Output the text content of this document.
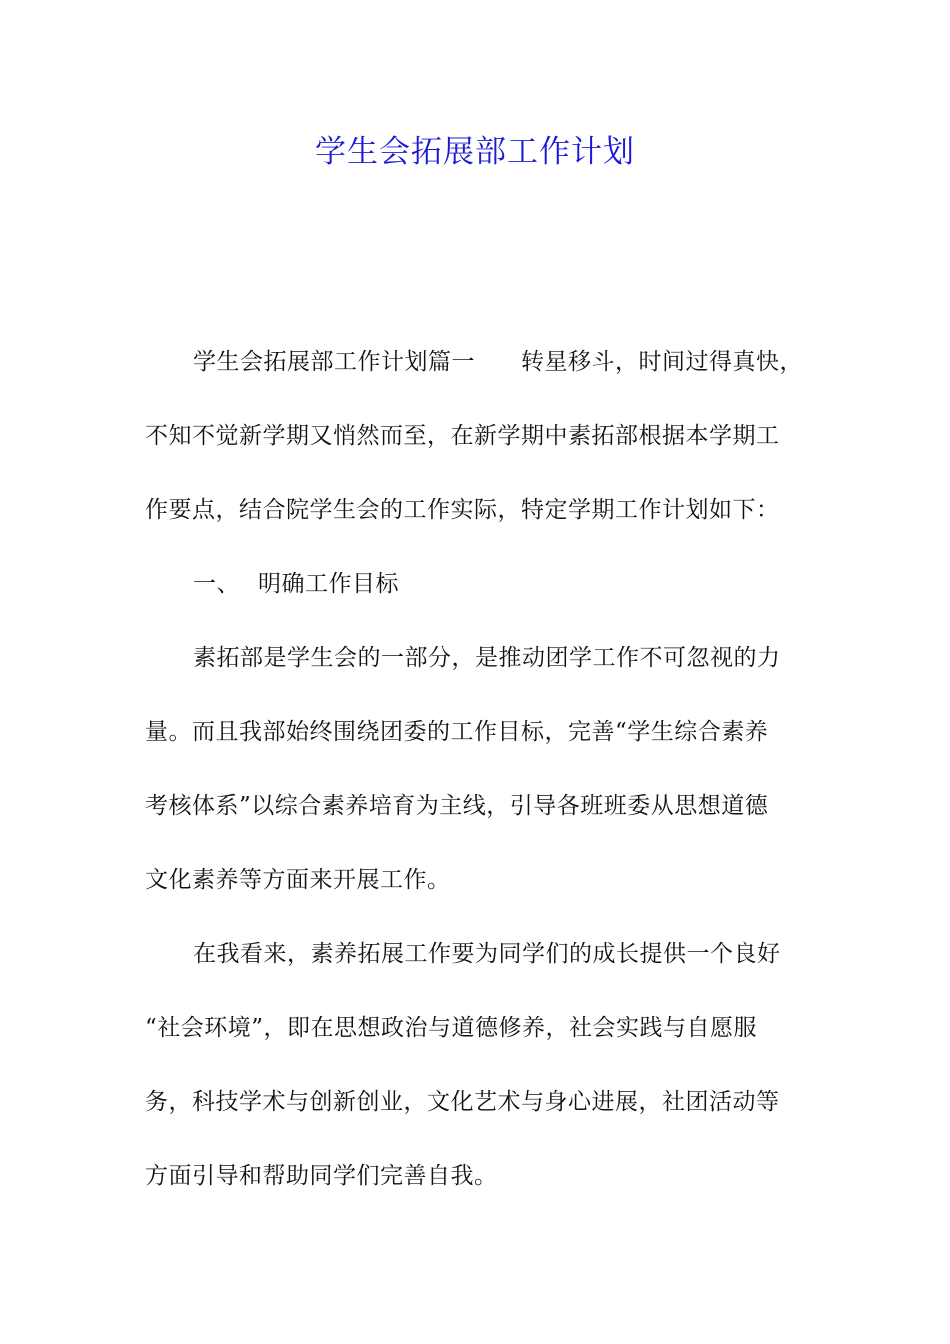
学生会拓展部工作计划
学生会拓展部工作计划篇一 转星移斗，时间过得真快，
不知不觉新学期又悄然而至，在新学期中素拓部根据本学期工
作要点，结合院学生会的工作实际，特定学期工作计划如下：
一、 明确工作目标
素拓部是学生会的一部分，是推动团学工作不可忽视的力
量。而且我部始终围绕团委的工作目标，完善“学生综合素养
考核体系”以综合素养培育为主线，引导各班班委从思想道德
文化素养等方面来开展工作。
在我看来，素养拓展工作要为同学们的成长提供一个良好
“社会环境”，即在思想政治与道德修养，社会实践与自愿服
务，科技学术与创新创业，文化艺术与身心进展，社团活动等
方面引导和帮助同学们完善自我。
